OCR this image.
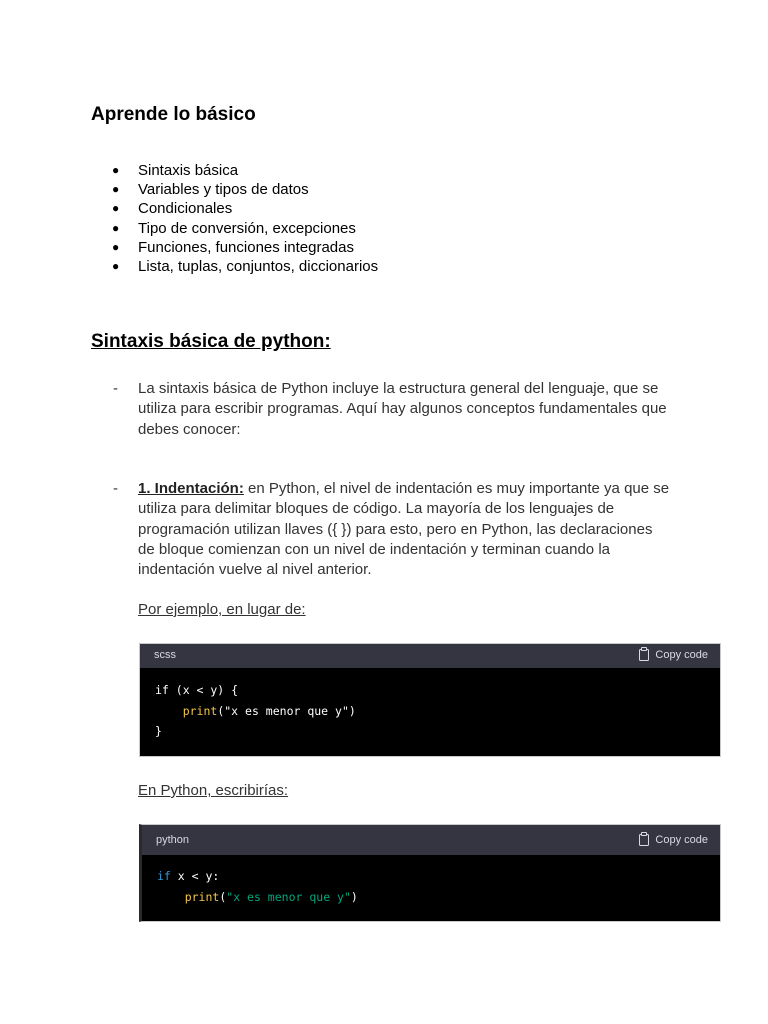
Aprende lo básico
● Sintaxis básica
● Variables y tipos de datos
● Condicionales
● Tipo de conversión, excepciones
● Funciones, funciones integradas
● Lista, tuplas, conjuntos, diccionarios
Sintaxis básica de python:

- La sintaxis básica de Python incluye la estructura general del lenguaje, que se utiliza para escribir programas. Aquí hay algunos conceptos fundamentales que debes conocer:

- 1. Indentación: en Python, el nivel de indentación es muy importante ya que se utiliza para delimitar bloques de código. La mayoría de los lenguajes de programación utilizan llaves ({ }) para esto, pero en Python, las declaraciones de bloque comienzan con un nivel de indentación y terminan cuando la indentación vuelve al nivel anterior.

Por ejemplo, en lugar de:

scss	Copy code
if (x < y) {
print("x es menor que y")
}

En Python, escribirías:

python	Copy code
if x < y:
print("x es menor que y")
